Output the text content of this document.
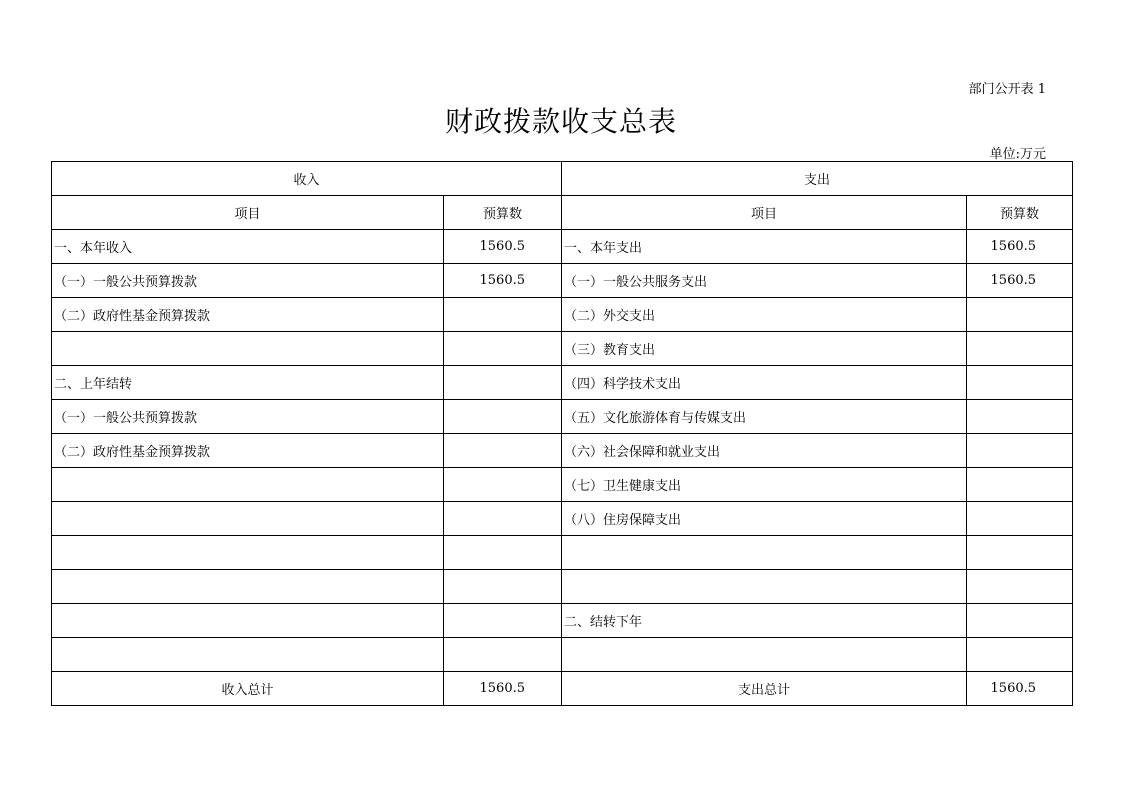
部门公开表 1
财政拨款收支总表
单位:万元
收入		支出	
项目	预算数	项目	预算数
一、本年收入	1560.5	一、本年支出	1560.5
（一）一般公共预算拨款	1560.5	（一）一般公共服务支出	1560.5
（二）政府性基金预算拨款		（二）外交支出	
		（三）教育支出	
二、上年结转		（四）科学技术支出	
（一）一般公共预算拨款		（五）文化旅游体育与传媒支出	
（二）政府性基金预算拨款		（六）社会保障和就业支出	
		（七）卫生健康支出	
		（八）住房保障支出	

		二、结转下年	

收入总计	1560.5	支出总计	1560.5
